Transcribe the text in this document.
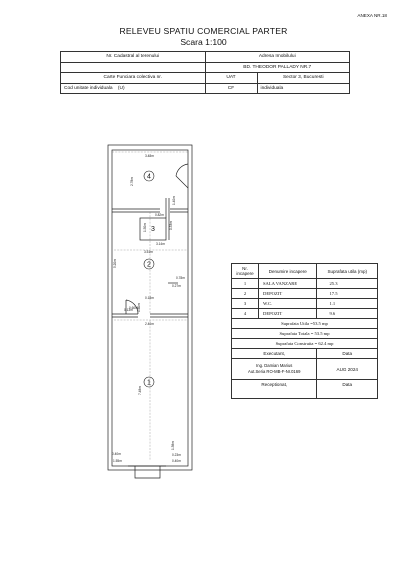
ANEXA NR.18
RELEVEU SPATIU COMERCIAL PARTER
Scara 1:100
Nr. Cadastral al terenului	Adresa Imobilului	
	BD. THEODOR PALLADY NR.7	
Carte Funciara colectiva nr.	UAT	Sector 3, Bucuresti
Cod unitate individuala (U)	CF	individuala
4
3
2
1
3.48m
2.78m
0.82m
1.50m
1.40m
3.14m
0.33m
3.51m
0.78m
0.27m
5.20m
0.18m
0.60m 0.60m
2.40m
7.48m
1.38m
0.13m
0.40m
1.55m
0.23m
0.40m
Nr. incapere	Denumire incapere	Suprafata utila (mp)
1	SALA VANZARE	25.3
2	DEPOZIT	17.5
3	W.C.	1.1
4	DEPOZIT	9.6
Suprafata Utila =53.5 mp		
Suprafata Totala = 53.5 mp		
Suprafata Construita = 62.4 mp		
Executant,		Data

Ing. Damian Marius
Aut.Seria RO-MB-F-Nr.0169		AUG 2024
Receptionat,		Data
